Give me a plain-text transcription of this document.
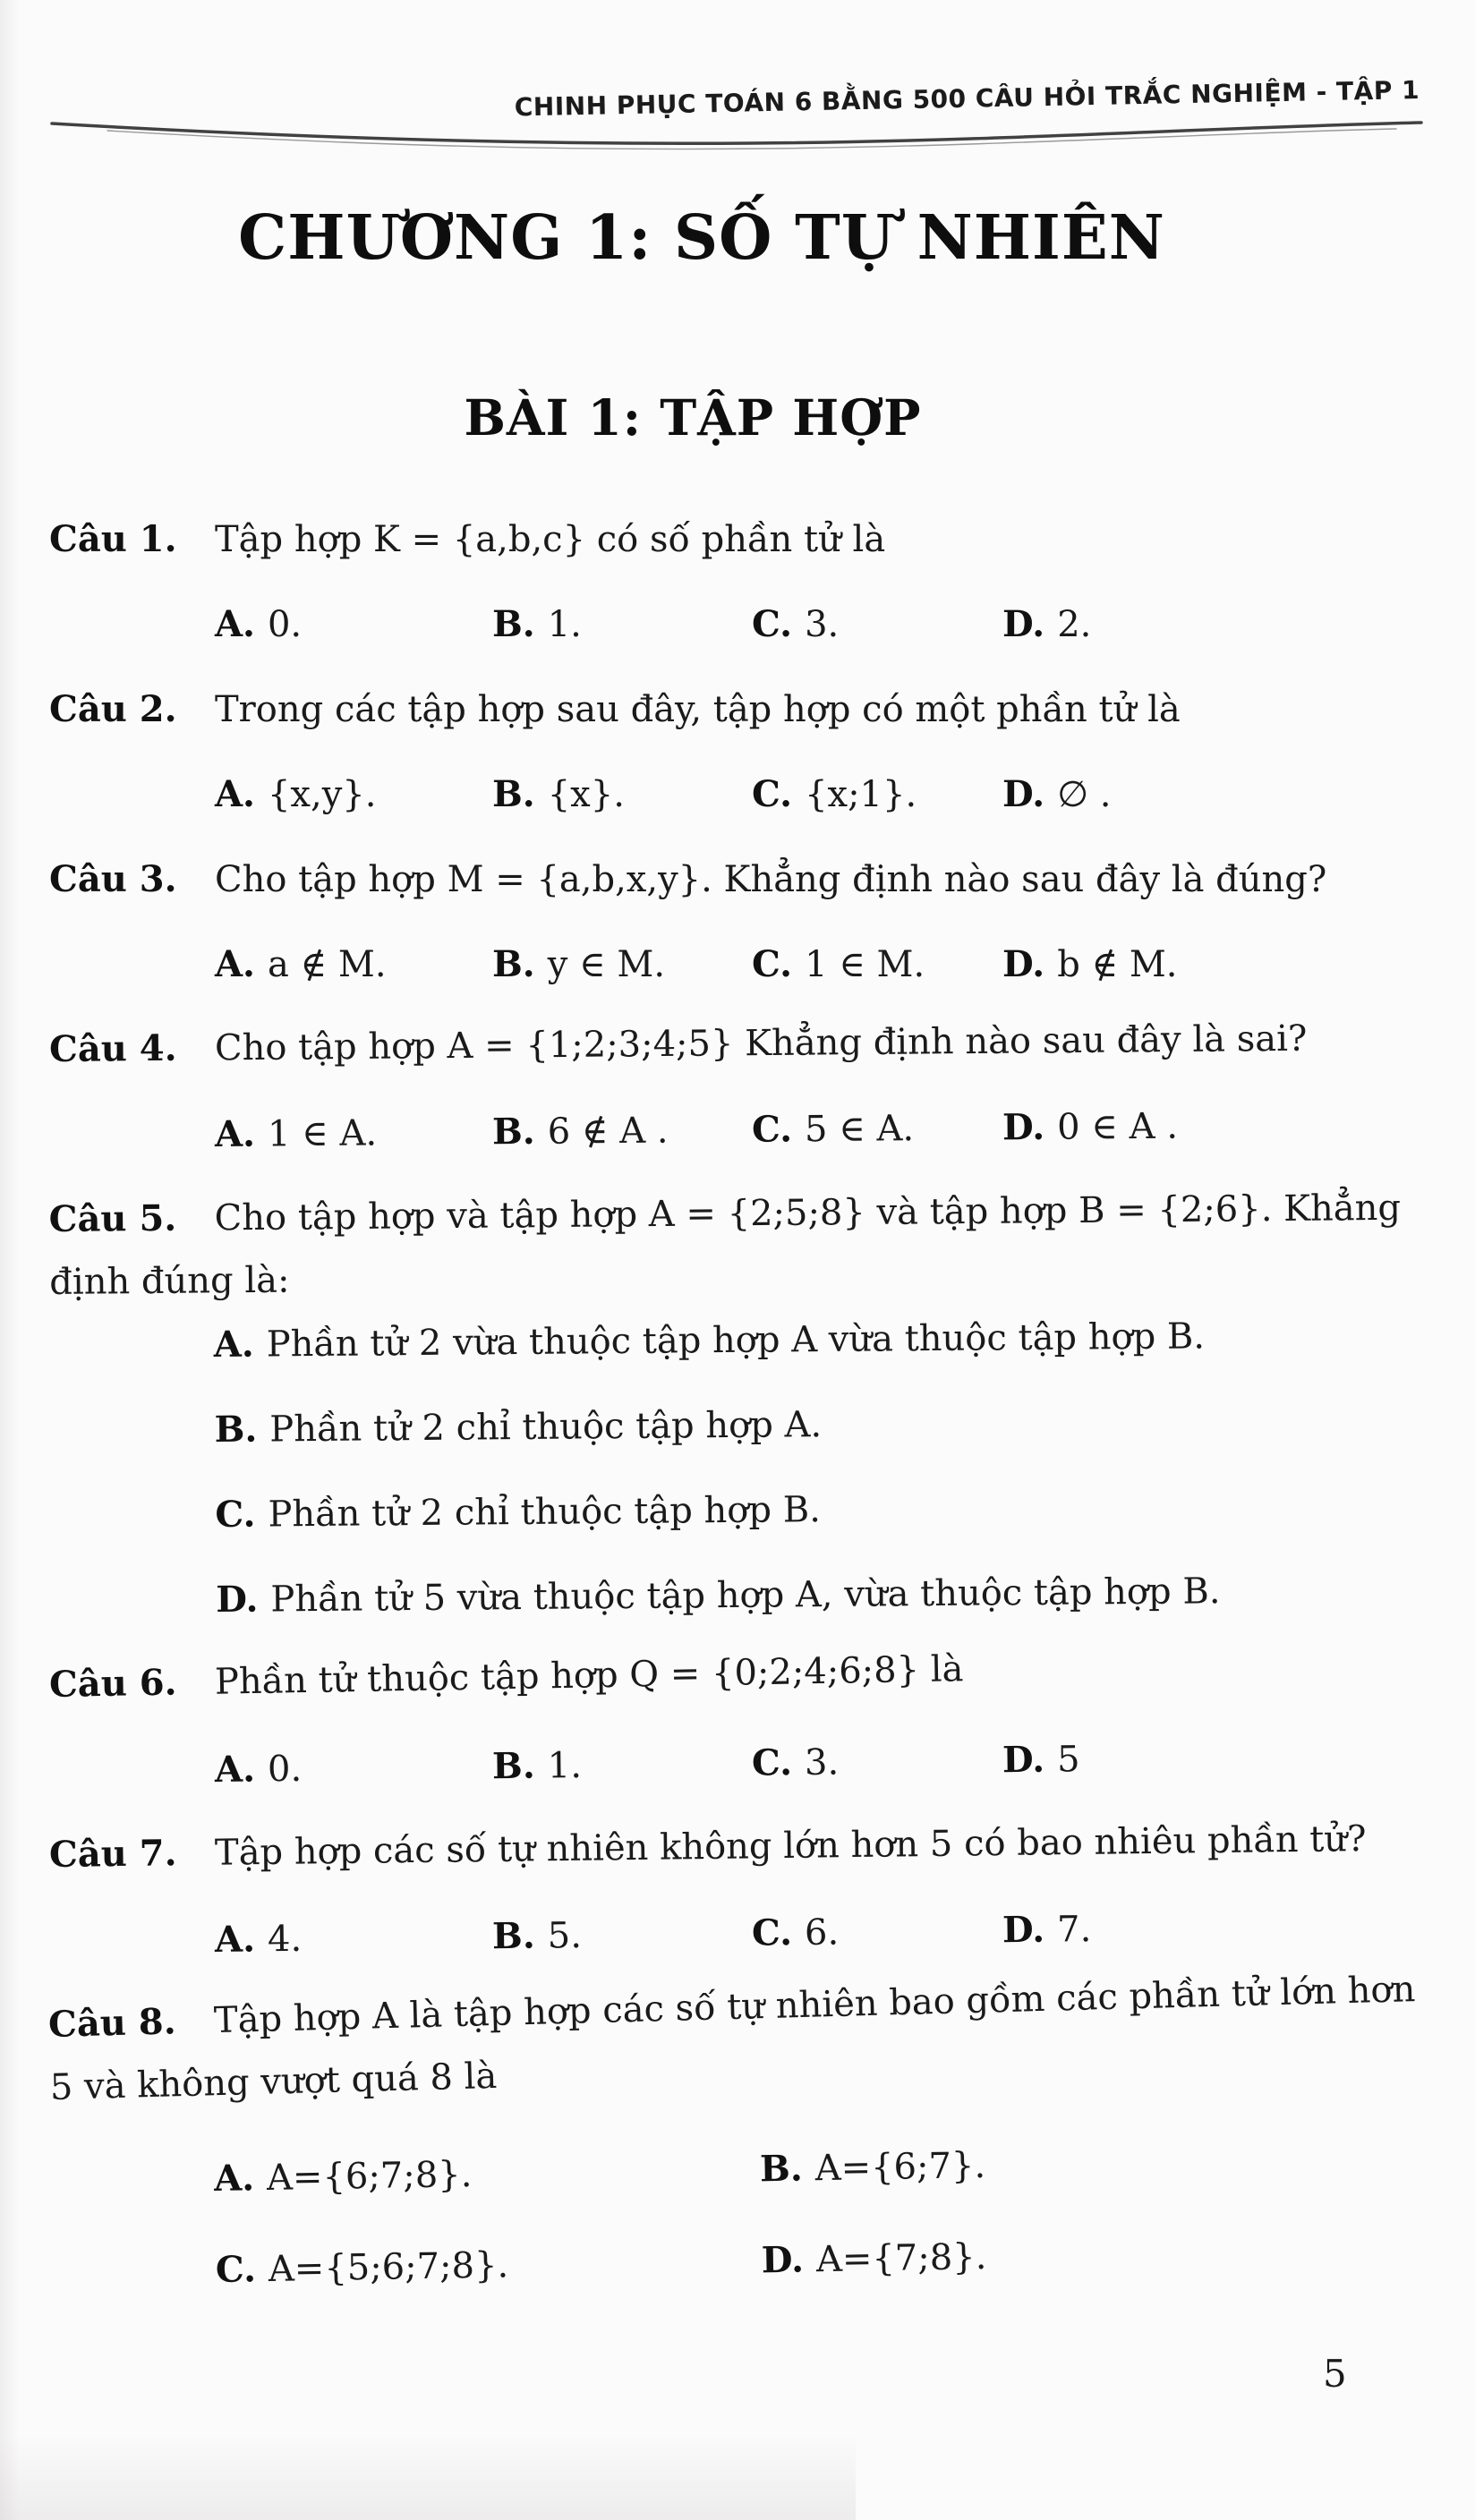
CHINH PHỤC TOÁN 6 BẰNG 500 CÂU HỎI TRẮC NGHIỆM - TẬP 1
CHƯƠNG 1: SỐ TỰ NHIÊN
BÀI 1: TẬP HỢP

Câu 1. Tập hợp K = {a,b,c} có số phần tử là

A. 0.	B. 1.	C. 3.	D. 2.

Câu 2. Trong các tập hợp sau đây, tập hợp có một phần tử là

A. {x,y}.	B. {x}.	C. {x;1}.	D. ∅ .

Câu 3. Cho tập hợp M = {a,b,x,y}. Khẳng định nào sau đây là đúng?

A. a ∉ M.	B. y ∈ M.	C. 1 ∈ M.	D. b ∉ M.

Câu 4. Cho tập hợp A = {1;2;3;4;5} Khẳng định nào sau đây là sai?

A. 1 ∈ A.	B. 6 ∉ A .	C. 5 ∈ A.	D. 0 ∈ A .

Câu 5. Cho tập hợp và tập hợp A = {2;5;8} và tập hợp B = {2;6}. Khẳng định đúng là:

A. Phần tử 2 vừa thuộc tập hợp A vừa thuộc tập hợp B.

B. Phần tử 2 chỉ thuộc tập hợp A.

C. Phần tử 2 chỉ thuộc tập hợp B.

D. Phần tử 5 vừa thuộc tập hợp A, vừa thuộc tập hợp B.

Câu 6. Phần tử thuộc tập hợp Q = {0;2;4;6;8} là

A. 0.	B. 1.	C. 3.	D. 5

Câu 7. Tập hợp các số tự nhiên không lớn hơn 5 có bao nhiêu phần tử?

A. 4.	B. 5.	C. 6.	D. 7.

Câu 8. Tập hợp A là tập hợp các số tự nhiên bao gồm các phần tử lớn hơn 5 và không vượt quá 8 là

A. A={6;7;8}.	B. A={6;7}.
C. A={5;6;7;8}.	D. A={7;8}.
5
